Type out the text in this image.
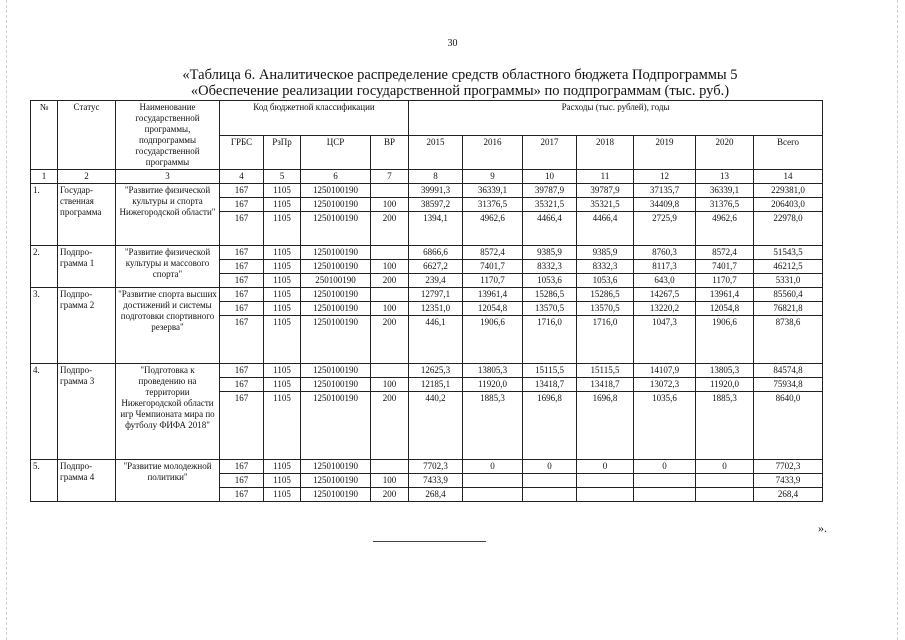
30
«Таблица 6. Аналитическое распределение средств областного бюджета Подпрограммы 5
«Обеспечение реализации государственной программы» по подпрограммам (тыс. руб.)
№	Статус	Наименование государственной программы, подпрограммы государственной программы	Код бюджетной классификации				Расходы (тыс. рублей), годы						
			ГРБС	РзПр	ЦСР	ВР	2015	2016	2017	2018	2019	2020	Всего
1	2	3	4	5	6	7	8	9	10	11	12	13	14
1.	Государ-ственная программа	"Развитие физической культуры и спорта Нижегородской области"	167	1105	1250100190		39991,3	36339,1	39787,9	39787,9	37135,7	36339,1	229381,0
			167	1105	1250100190	100	38597,2	31376,5	35321,5	35321,5	34409,8	31376,5	206403,0
			167	1105	1250100190	200	1394,1	4962,6	4466,4	4466,4	2725,9	4962,6	22978,0
2.	Подпро-грамма 1	"Развитие физической культуры и массового спорта"	167	1105	1250100190		6866,6	8572,4	9385,9	9385,9	8760,3	8572,4	51543,5
			167	1105	1250100190	100	6627,2	7401,7	8332,3	8332,3	8117,3	7401,7	46212,5
			167	1105	250100190	200	239,4	1170,7	1053,6	1053,6	643,0	1170,7	5331,0
3.	Подпро-грамма 2	"Развитие спорта высших достижений и системы подготовки спортивного резерва"	167	1105	1250100190		12797,1	13961,4	15286,5	15286,5	14267,5	13961,4	85560,4
			167	1105	1250100190	100	12351,0	12054,8	13570,5	13570,5	13220,2	12054,8	76821,8
			167	1105	1250100190	200	446,1	1906,6	1716,0	1716,0	1047,3	1906,6	8738,6
4.	Подпро-грамма 3	"Подготовка к проведению на территории Нижегородской области игр Чемпионата мира по футболу ФИФА 2018"	167	1105	1250100190		12625,3	13805,3	15115,5	15115,5	14107,9	13805,3	84574,8
			167	1105	1250100190	100	12185,1	11920,0	13418,7	13418,7	13072,3	11920,0	75934,8
			167	1105	1250100190	200	440,2	1885,3	1696,8	1696,8	1035,6	1885,3	8640,0
5.	Подпро-грамма 4	"Развитие молодежной политики"	167	1105	1250100190		7702,3	0	0	0	0	0	7702,3
			167	1105	1250100190	100	7433,9						7433,9
			167	1105	1250100190	200	268,4						268,4
».
